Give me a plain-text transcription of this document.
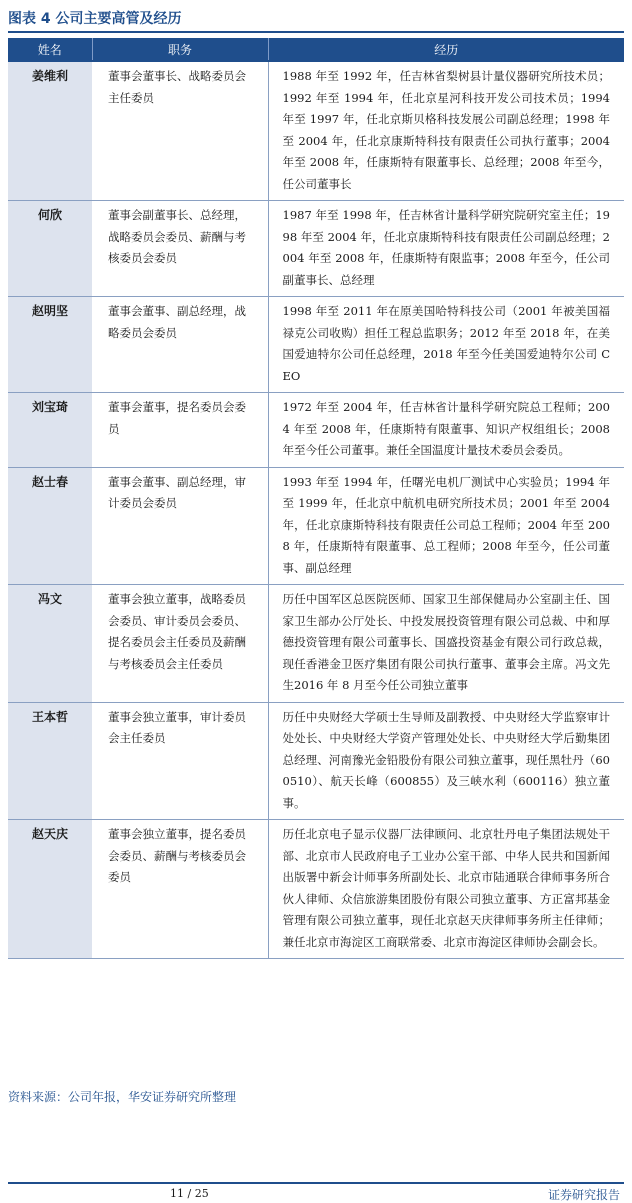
图表 4 公司主要高管及经历
姓名	职务	经历
姜维利	董事会董事长、战略委员会主任委员	1988 年至 1992 年，任吉林省梨树县计量仪器研究所技术员；1992 年至 1994 年，任北京星河科技开发公司技术员；1994 年至 1997 年，任北京斯贝格科技发展公司副总经理；1998 年至 2004 年，任北京康斯特科技有限责任公司执行董事；2004 年至 2008 年，任康斯特有限董事长、总经理；2008 年至今，任公司董事长
何欣	董事会副董事长、总经理，战略委员会委员、薪酬与考核委员会委员	1987 年至 1998 年，任吉林省计量科学研究院研究室主任；1998 年至 2004 年，任北京康斯特科技有限责任公司副总经理；2004 年至 2008 年，任康斯特有限监事；2008 年至今，任公司副董事长、总经理
赵明坚	董事会董事、副总经理，战略委员会委员	1998 年至 2011 年在原美国哈特科技公司（2001 年被美国福禄克公司收购）担任工程总监职务；2012 年至 2018 年，在美国爱迪特尔公司任总经理，2018 年至今任美国爱迪特尔公司 CEO
刘宝琦	董事会董事，提名委员会委员	1972 年至 2004 年，任吉林省计量科学研究院总工程师；2004 年至 2008 年，任康斯特有限董事、知识产权组组长；2008 年至今任公司董事。兼任全国温度计量技术委员会委员。
赵士春	董事会董事、副总经理，审计委员会委员	1993 年至 1994 年，任曙光电机厂测试中心实验员；1994 年至 1999 年，任北京中航机电研究所技术员；2001 年至 2004 年，任北京康斯特科技有限责任公司总工程师；2004 年至 2008 年，任康斯特有限董事、总工程师；2008 年至今，任公司董事、副总经理
冯文	董事会独立董事，战略委员会委员、审计委员会委员、提名委员会主任委员及薪酬与考核委员会主任委员	历任中国军区总医院医师、国家卫生部保健局办公室副主任、国家卫生部办公厅处长、中投发展投资管理有限公司总裁、中和厚德投资管理有限公司董事长、国盛投资基金有限公司行政总裁，现任香港金卫医疗集团有限公司执行董事、董事会主席。冯文先生2016 年 8 月至今任公司独立董事
王本哲	董事会独立董事，审计委员会主任委员	历任中央财经大学硕士生导师及副教授、中央财经大学监察审计处处长、中央财经大学资产管理处处长、中央财经大学后勤集团总经理、河南豫光金铅股份有限公司独立董事，现任黑牡丹（600510）、航天长峰（600855）及三峡水利（600116）独立董事。
赵天庆	董事会独立董事，提名委员会委员、薪酬与考核委员会委员	历任北京电子显示仪器厂法律顾问、北京牡丹电子集团法规处干部、北京市人民政府电子工业办公室干部、中华人民共和国新闻出版署中新会计师事务所副处长、北京市陆通联合律师事务所合伙人律师、众信旅游集团股份有限公司独立董事、方正富邦基金管理有限公司独立董事，现任北京赵天庆律师事务所主任律师；兼任北京市海淀区工商联常委、北京市海淀区律师协会副会长。
资料来源：公司年报，华安证券研究所整理
11 / 25	证券研究报告
